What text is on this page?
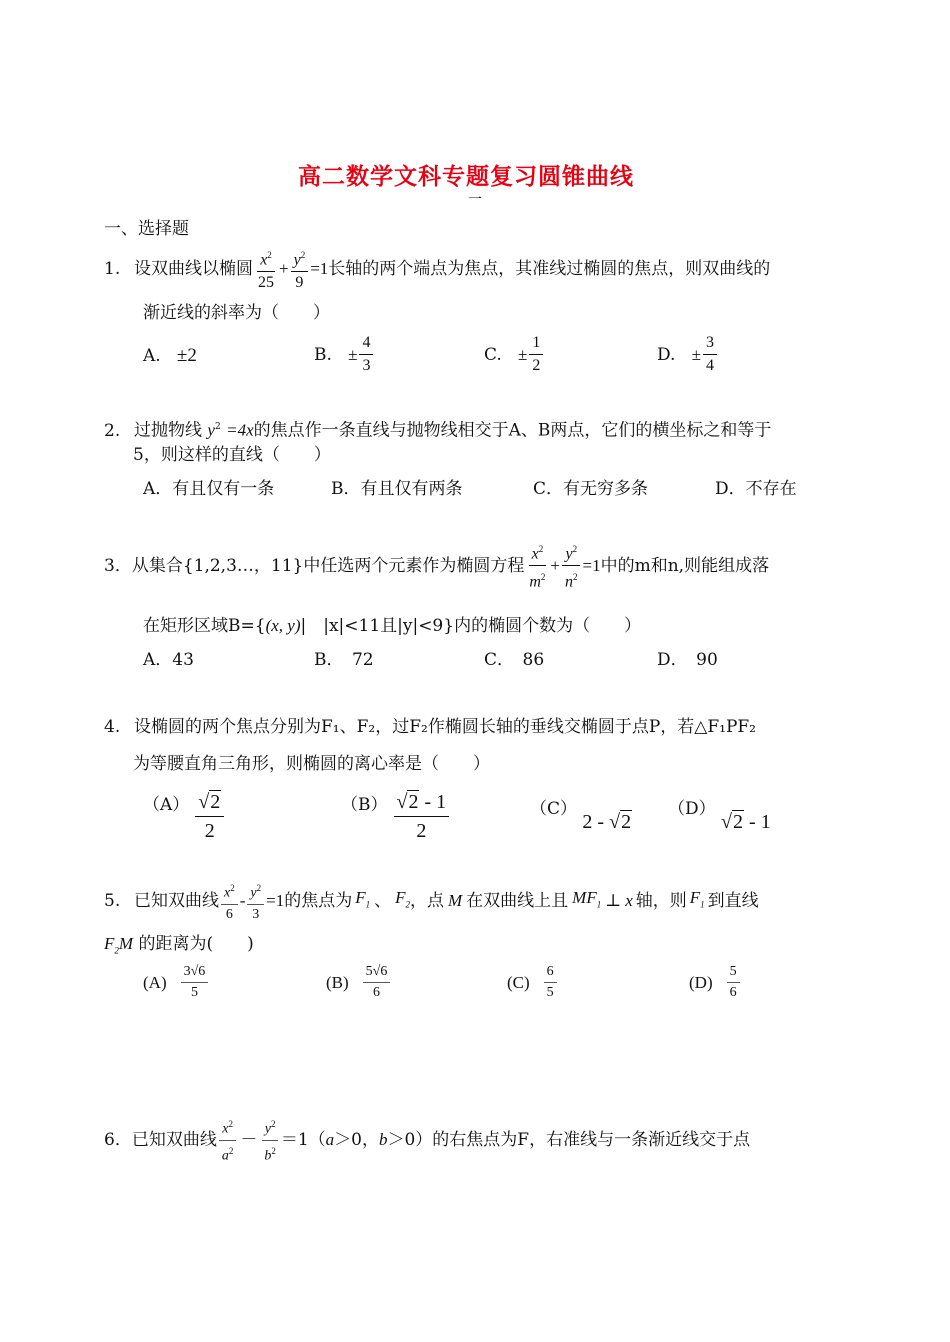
高二数学文科专题复习圆锥曲线
一
一、选择题
1. 设双曲线以椭圆 $\frac{x^2}{25} + \frac{y^2}{9} =1$ 长轴的两个端点为焦点，其准线过椭圆的焦点，则双曲线的
渐近线的斜率为（　　）
A. ±2	B.
± $\frac{4}{3}$	C.
± $\frac{1}{2}$	D.
± $\frac{3}{4}$
2. 过抛物线 $y^2 =4x$的焦点作一条直线与抛物线相交于A、B两点，它们的横坐标之和等于
5，则这样的直线（　　）
A．有且仅有一条	B．有且仅有两条	C．有无穷多条	D．不存在
3． 从集合{1,2,3…，11}中任选两个元素作为椭圆方程 $\frac{x^2}{m^2} + \frac{y^2}{n^2} =1$ 中的m和n,则能组成落
在矩形区域B={(x, y)|　|x|<11且|y|<9}内的椭圆个数为（　　）
A．43	B．　72	C．　86	D．　90
4. 设椭圆的两个焦点分别为F₁、F₂，过F₂作椭圆长轴的垂线交椭圆于点P，若△F₁PF₂
为等腰直角三角形，则椭圆的离心率是（　　）
$(A) \frac{√2}{2}$	$(B) \frac{√2 - 1}{2}$	（C） 2 - √2
（D） √2 - 1
5. 已知双曲线 $\frac{x^2}{6} - \frac{y^2}{3} =1$ 的焦点为 $F_1$ 、 $F_2$ ，点 M 在双曲线上且 $MF_1$ ⊥ x 轴，则 $F_1$ 到直线
$F_2M$ 的距离为(　　)
$(A) \frac{3√6}{5}$	$(B) \frac{5√6}{6}$	$(C) \frac{6}{5}$	$(D) \frac{5}{6}$
6． 已知双曲线 $\frac{x^2}{a^2} - \frac{y^2}{b^2} =1$（ a ＞0， b ＞0）的右焦点为F，右准线与一条渐近线交于点
